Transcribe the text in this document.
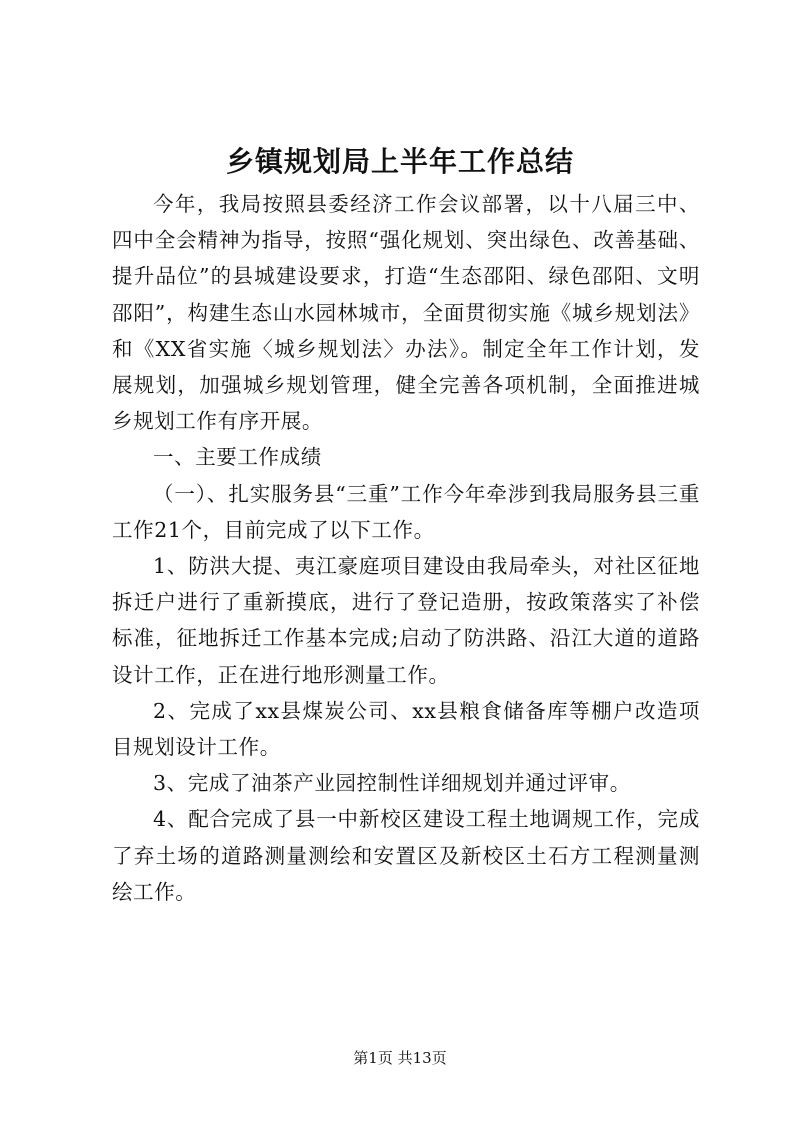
乡镇规划局上半年工作总结

今年，我局按照县委经济工作会议部署，以十八届三中、四中全会精神为指导，按照“强化规划、突出绿色、改善基础、提升品位”的县城建设要求，打造“生态邵阳、绿色邵阳、文明邵阳”，构建生态山水园林城市，全面贯彻实施《城乡规划法》和《XX省实施〈城乡规划法〉办法》。制定全年工作计划，发展规划，加强城乡规划管理，健全完善各项机制，全面推进城乡规划工作有序开展。

一、主要工作成绩

（一）、扎实服务县“三重”工作今年牵涉到我局服务县三重工作21个，目前完成了以下工作。

1、防洪大提、夷江豪庭项目建设由我局牵头，对社区征地拆迁户进行了重新摸底，进行了登记造册，按政策落实了补偿标准，征地拆迁工作基本完成;启动了防洪路、沿江大道的道路设计工作，正在进行地形测量工作。

2、完成了xx县煤炭公司、xx县粮食储备库等棚户改造项目规划设计工作。

3、完成了油茶产业园控制性详细规划并通过评审。

4、配合完成了县一中新校区建设工程土地调规工作，完成了弃土场的道路测量测绘和安置区及新校区土石方工程测量测绘工作。

第1页 共13页
